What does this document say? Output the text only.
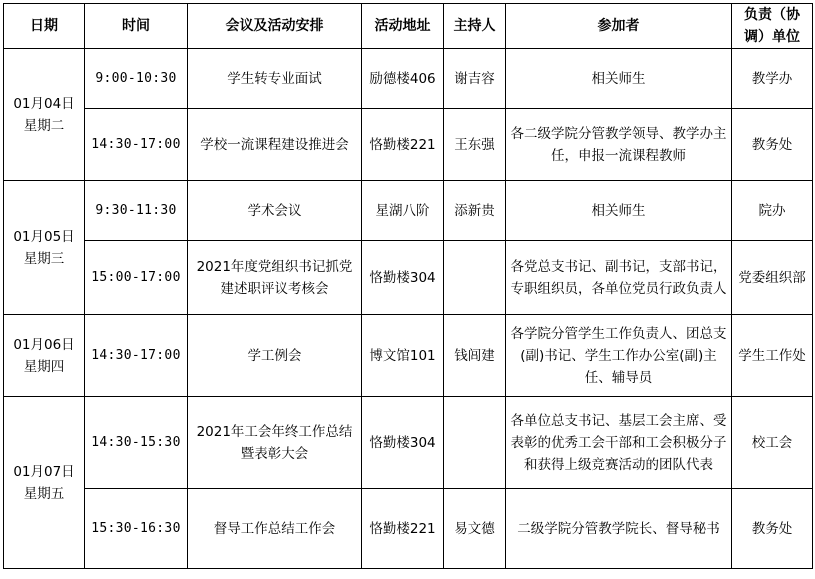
日期	时间	会议及活动安排	活动地址	主持人	参加者	负责（协调）单位

01月04日
星期二	9:00-10:30	学生转专业面试	励德楼406	谢吉容	相关师生	教学办
	14:30-17:00	学校一流课程建设推进会	恪勤楼221	王东强	各二级学院分管教学领导、教学办主任，申报一流课程教师	教务处

01月05日
星期三	9:30-11:30	学术会议	星湖八阶	添新贵	相关师生	院办
	15:00-17:00	2021年度党组织书记抓党建述职评议考核会	恪勤楼304		各党总支书记、副书记，支部书记，专职组织员，各单位党员行政负责人	党委组织部

01月06日
星期四	14:30-17:00	学工例会	博文馆101	钱闾建	各学院分管学生工作负责人、团总支(副)书记、学生工作办公室(副)主任、辅导员	学生工作处

01月07日
星期五	14:30-15:30	2021年工会年终工作总结暨表彰大会	恪勤楼304		各单位总支书记、基层工会主席、受表彰的优秀工会干部和工会积极分子和获得上级竞赛活动的团队代表	校工会
	15:30-16:30	督导工作总结工作会	恪勤楼221	易文德	二级学院分管教学院长、督导秘书	教务处
